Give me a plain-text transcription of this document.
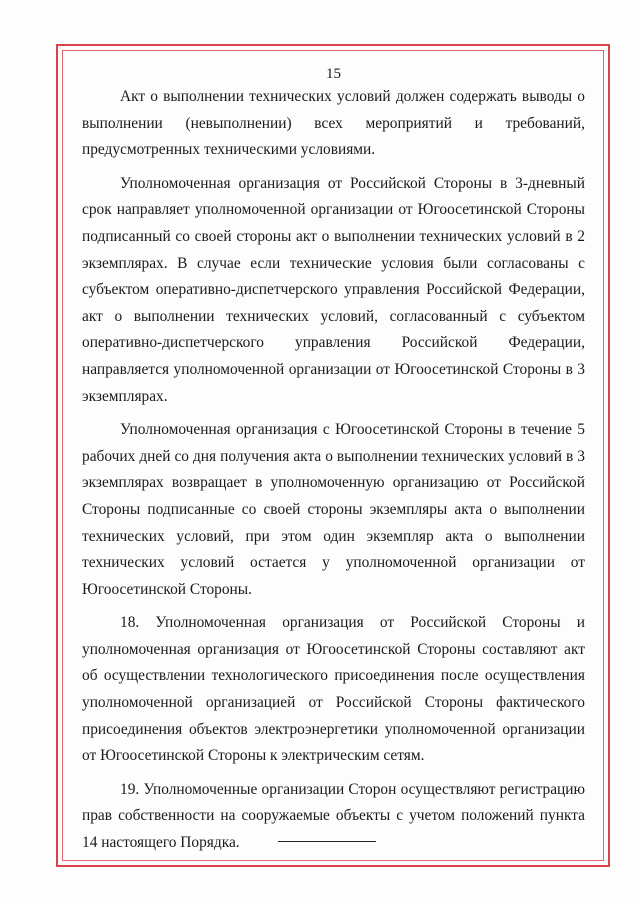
15

Акт о выполнении технических условий должен содержать выводы о выполнении (невыполнении) всех мероприятий и требований, предусмотренных техническими условиями.

Уполномоченная организация от Российской Стороны в 3-дневный срок направляет уполномоченной организации от Югоосетинской Стороны подписанный со своей стороны акт о выполнении технических условий в 2 экземплярах. В случае если технические условия были согласованы с субъектом оперативно-диспетчерского управления Российской Федерации, акт о выполнении технических условий, согласованный с субъектом оперативно-диспетчерского управления Российской Федерации, направляется уполномоченной организации от Югоосетинской Стороны в 3 экземплярах.

Уполномоченная организация с Югоосетинской Стороны в течение 5 рабочих дней со дня получения акта о выполнении технических условий в 3 экземплярах возвращает в уполномоченную организацию от Российской Стороны подписанные со своей стороны экземпляры акта о выполнении технических условий, при этом один экземпляр акта о выполнении технических условий остается у уполномоченной организации от Югоосетинской Стороны.

18. Уполномоченная организация от Российской Стороны и уполномоченная организация от Югоосетинской Стороны составляют акт об осуществлении технологического присоединения после осуществления уполномоченной организацией от Российской Стороны фактического присоединения объектов электроэнергетики уполномоченной организации от Югоосетинской Стороны к электрическим сетям.

19. Уполномоченные организации Сторон осуществляют регистрацию прав собственности на сооружаемые объекты с учетом положений пункта 14 настоящего Порядка.
